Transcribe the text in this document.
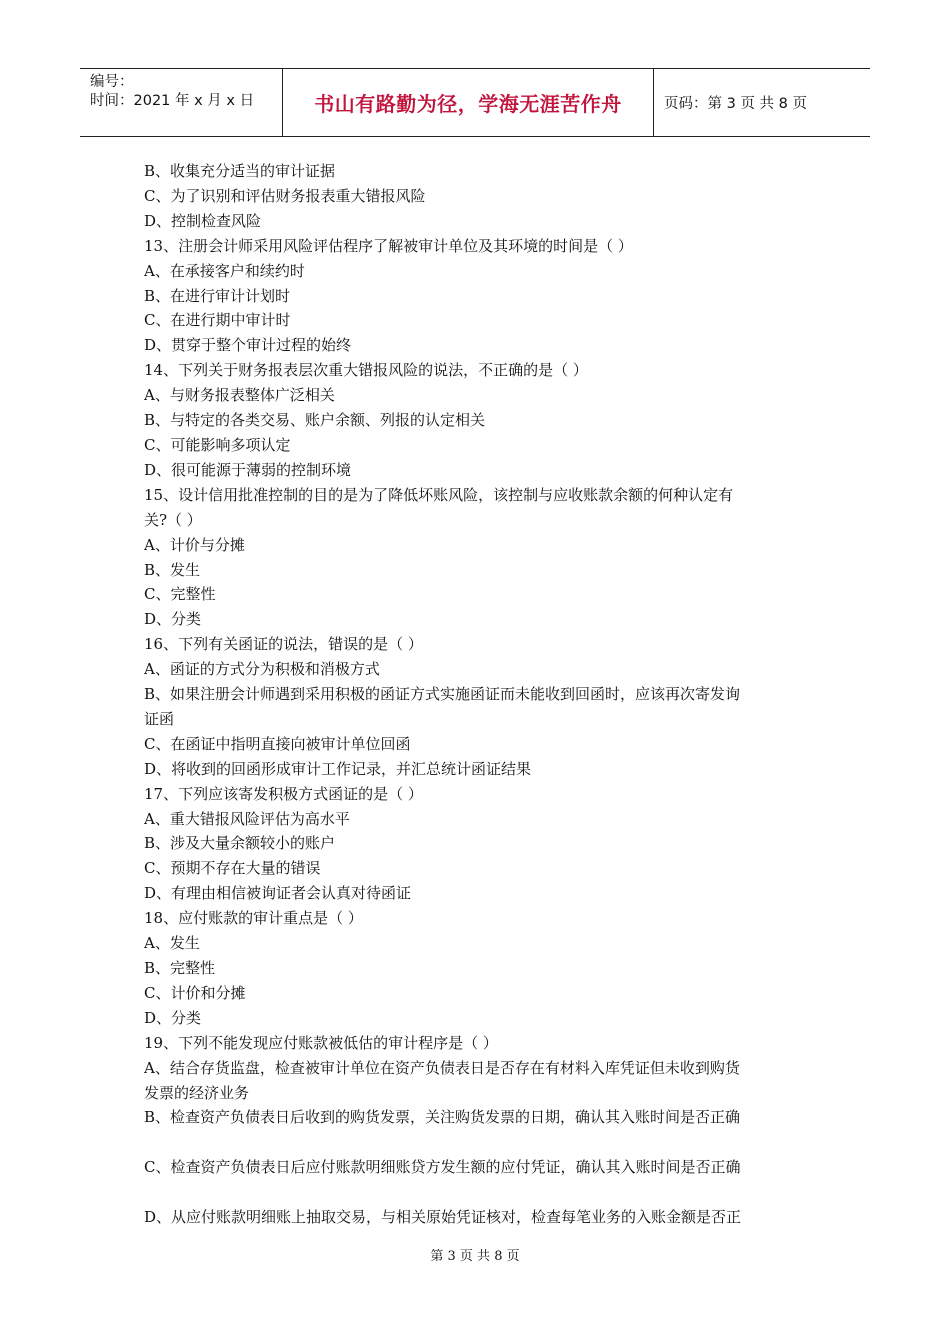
编号：
时间：2021 年 x 月 x 日	书山有路勤为径，学海无涯苦作舟	页码：第 3 页 共 8 页
B、收集充分适当的审计证据
C、为了识别和评估财务报表重大错报风险
D、控制检查风险
13、注册会计师采用风险评估程序了解被审计单位及其环境的时间是（ ）
A、在承接客户和续约时
B、在进行审计计划时
C、在进行期中审计时
D、贯穿于整个审计过程的始终
14、下列关于财务报表层次重大错报风险的说法，不正确的是（ ）
A、与财务报表整体广泛相关
B、与特定的各类交易、账户余额、列报的认定相关
C、可能影响多项认定
D、很可能源于薄弱的控制环境
15、设计信用批准控制的目的是为了降低坏账风险，该控制与应收账款余额的何种认定有
关?（ ）
A、计价与分摊
B、发生
C、完整性
D、分类
16、下列有关函证的说法，错误的是（ ）
A、函证的方式分为积极和消极方式
B、如果注册会计师遇到采用积极的函证方式实施函证而未能收到回函时，应该再次寄发询
证函
C、在函证中指明直接向被审计单位回函
D、将收到的回函形成审计工作记录，并汇总统计函证结果
17、下列应该寄发积极方式函证的是（ ）
A、重大错报风险评估为高水平
B、涉及大量余额较小的账户
C、预期不存在大量的错误
D、有理由相信被询证者会认真对待函证
18、应付账款的审计重点是（ ）
A、发生
B、完整性
C、计价和分摊
D、分类
19、下列不能发现应付账款被低估的审计程序是（ ）
A、结合存货监盘，检查被审计单位在资产负债表日是否存在有材料入库凭证但未收到购货
发票的经济业务
B、检查资产负债表日后收到的购货发票，关注购货发票的日期，确认其入账时间是否正确
C、检查资产负债表日后应付账款明细账贷方发生额的应付凭证，确认其入账时间是否正确
D、从应付账款明细账上抽取交易，与相关原始凭证核对，检查每笔业务的入账金额是否正
第 3 页 共 8 页
